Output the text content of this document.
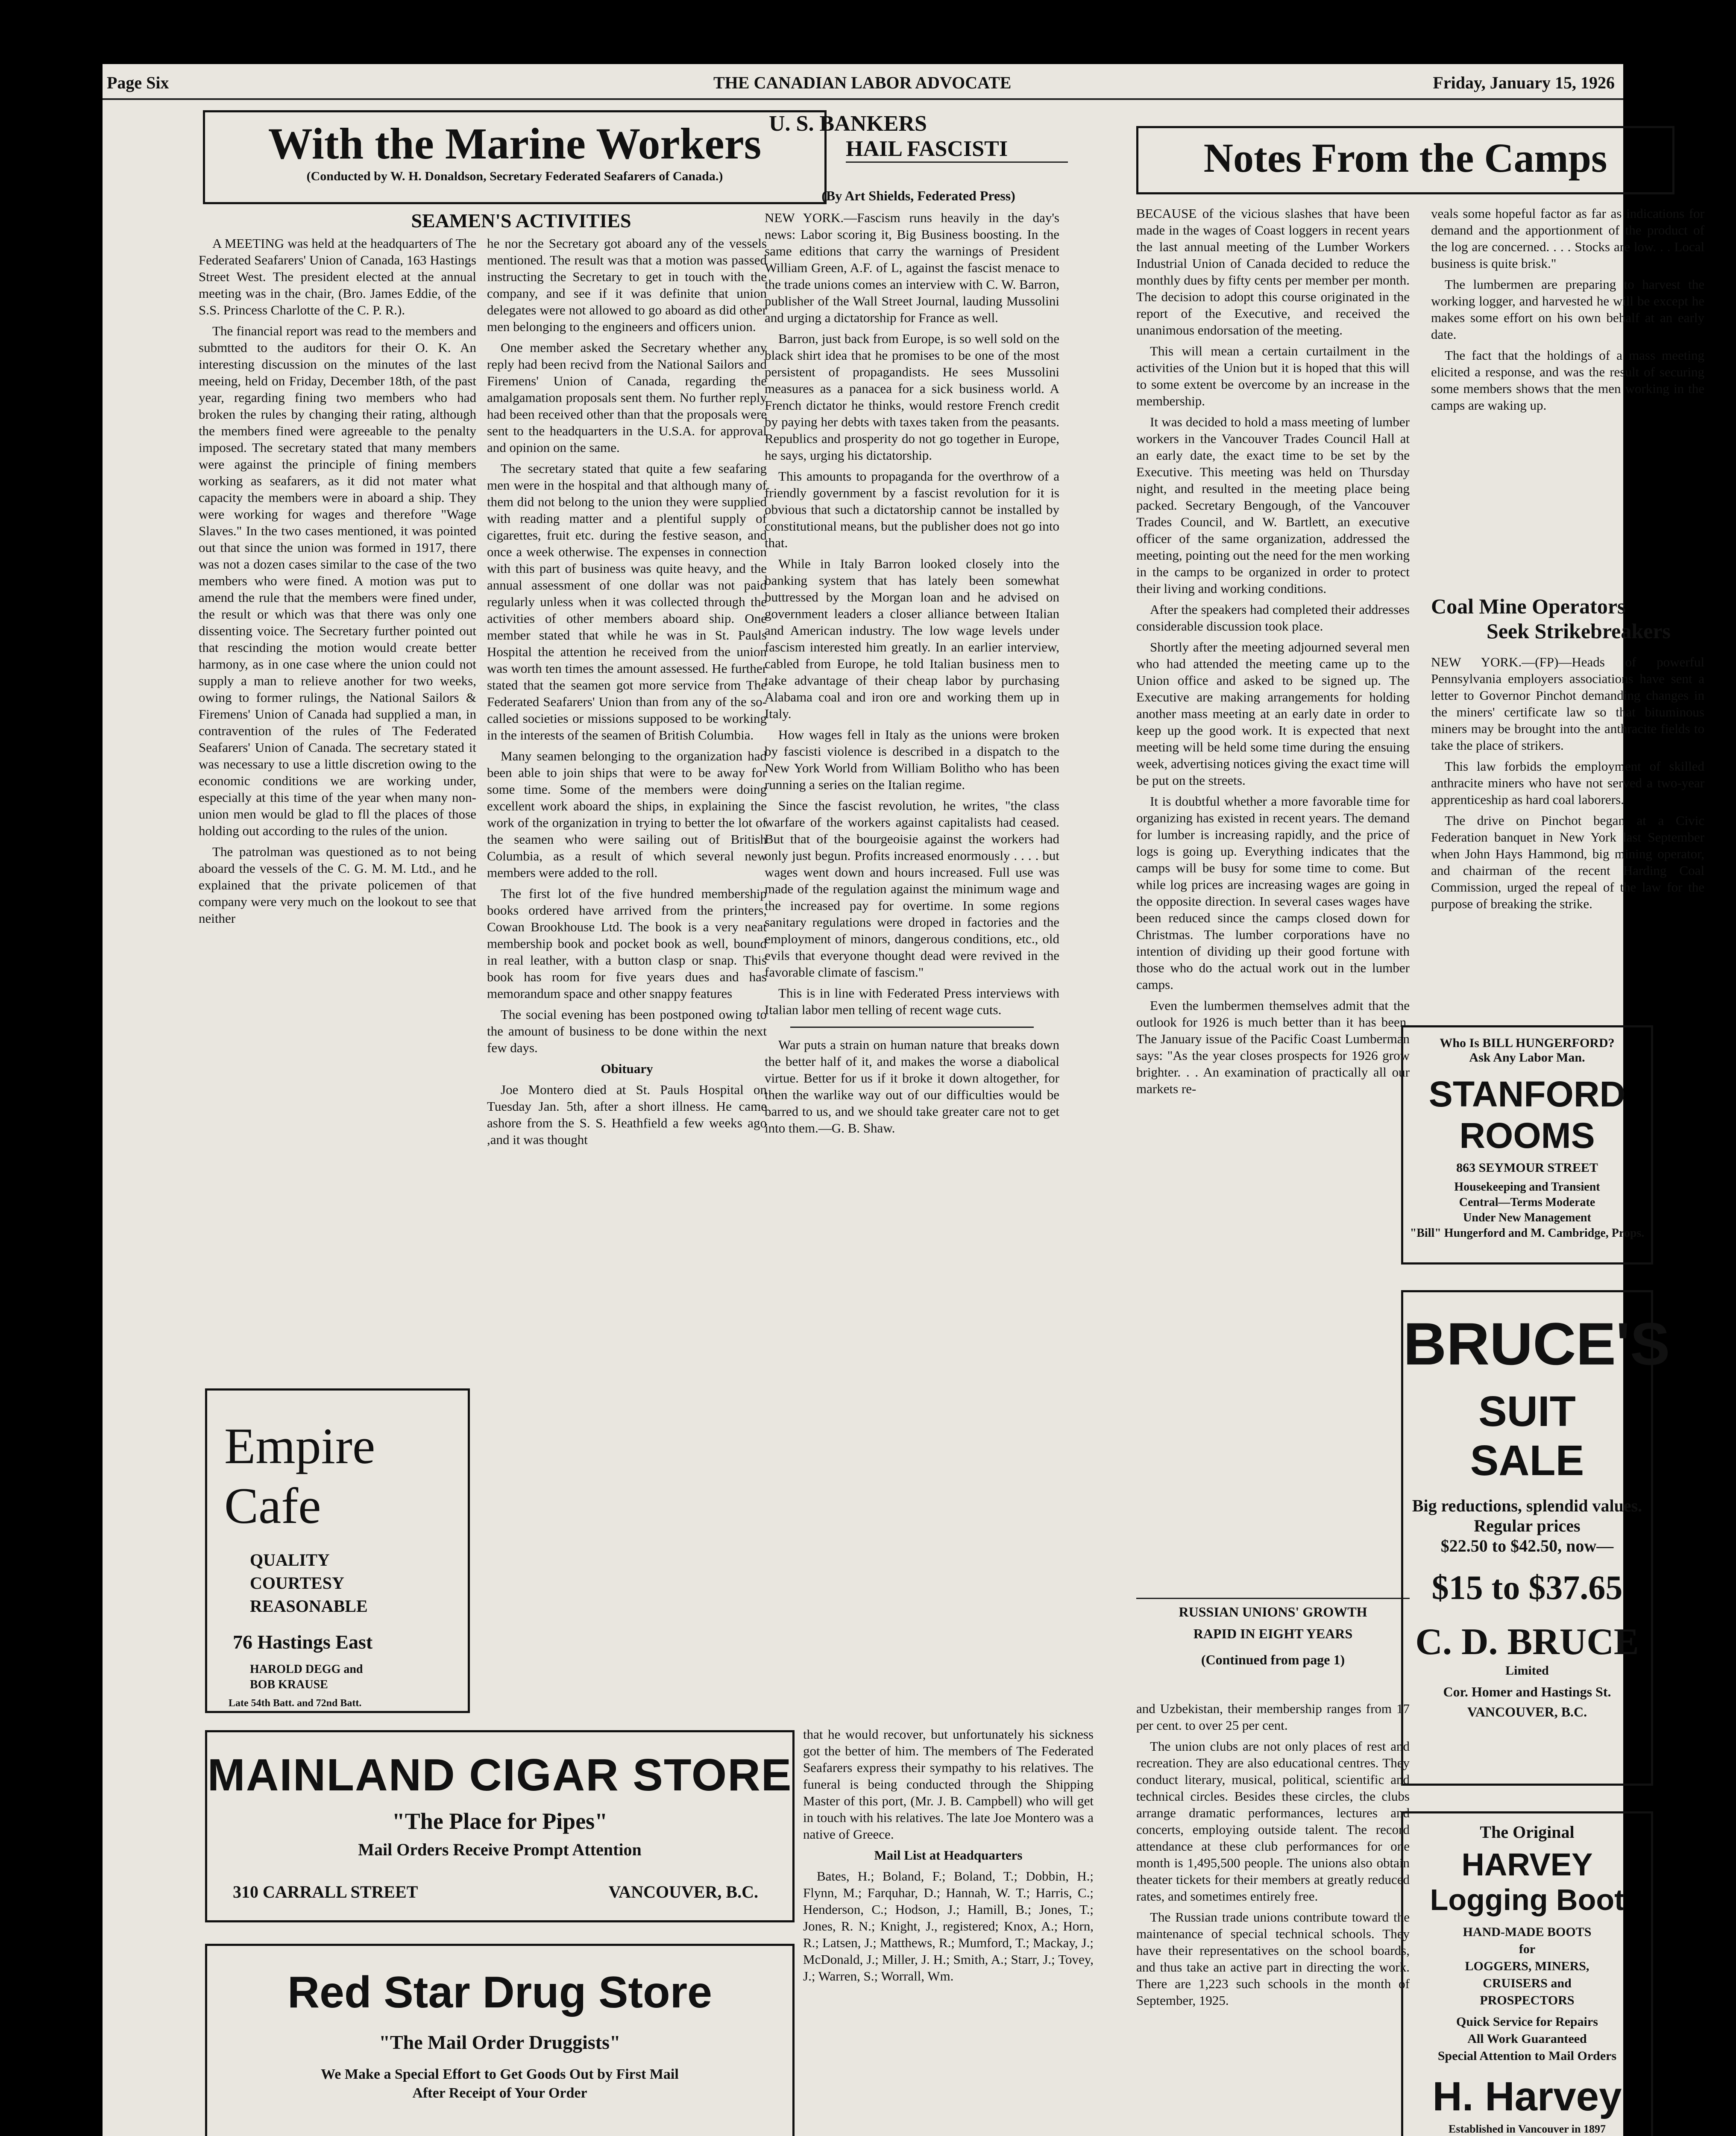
Page Six	THE CANADIAN LABOR ADVOCATE	Friday, January 15, 1926
With the Marine Workers
(Conducted by W. H. Donaldson, Secretary Federated Seafarers of Canada.)
SEAMEN'S ACTIVITIES

A MEETING was held at the headquarters of The Federated Seafarers' Union of Canada, 163 Hastings Street West. The president elected at the annual meeting was in the chair, (Bro. James Eddie, of the S.S. Princess Charlotte of the C. P. R.).

The financial report was read to the members and submtted to the auditors for their O. K. An interesting discussion on the minutes of the last meeing, held on Friday, December 18th, of the past year, regarding fining two members who had broken the rules by changing their rating, although the members fined were agreeable to the penalty imposed. The secretary stated that many members were against the principle of fining members working as seafarers, as it did not mater what capacity the members were in aboard a ship. They were working for wages and therefore "Wage Slaves." In the two cases mentioned, it was pointed out that since the union was formed in 1917, there was not a dozen cases similar to the case of the two members who were fined. A motion was put to amend the rule that the members were fined under, the result or which was that there was only one dissenting voice. The Secretary further pointed out that rescinding the motion would create better harmony, as in one case where the union could not supply a man to relieve another for two weeks, owing to former rulings, the National Sailors & Firemens' Union of Canada had supplied a man, in contravention of the rules of The Federated Seafarers' Union of Canada. The secretary stated it was necessary to use a little discretion owing to the economic conditions we are working under, especially at this time of the year when many non-union men would be glad to fll the places of those holding out according to the rules of the union.

The patrolman was questioned as to not being aboard the vessels of the C. G. M. M. Ltd., and he explained that the private policemen of that company were very much on the lookout to see that neither

he nor the Secretary got aboard any of the vessels mentioned. The result was that a motion was passed instructing the Secretary to get in touch with the company, and see if it was definite that union delegates were not allowed to go aboard as did other men belonging to the engineers and officers union.

One member asked the Secretary whether any reply had been recivd from the National Sailors and Firemens' Union of Canada, regarding the amalgamation proposals sent them. No further reply had been received other than that the proposals were sent to the headquarters in the U.S.A. for approval and opinion on the same.

The secretary stated that quite a few seafaring men were in the hospital and that although many of them did not belong to the union they were supplied with reading matter and a plentiful supply of cigarettes, fruit etc. during the festive season, and once a week otherwise. The expenses in connection with this part of business was quite heavy, and the annual assessment of one dollar was not paid regularly unless when it was collected through the activities of other members aboard ship. One member stated that while he was in St. Pauls Hospital the attention he received from the union was worth ten times the amount assessed. He further stated that the seamen got more service from The Federated Seafarers' Union than from any of the so-called societies or missions supposed to be working in the interests of the seamen of British Columbia.

Many seamen belonging to the organization had been able to join ships that were to be away for some time. Some of the members were doing excellent work aboard the ships, in explaining the work of the organization in trying to better the lot of the seamen who were sailing out of British Columbia, as a result of which several new members were added to the roll.

The first lot of the five hundred membership books ordered have arrived from the printers, Cowan Brookhouse Ltd. The book is a very neat membership book and pocket book as well, bound in real leather, with a button clasp or snap. This book has room for five years dues and has memorandum space and other snappy features

The social evening has been postponed owing to the amount of business to be done within the next few days.

Obituary

Joe Montero died at St. Pauls Hospital on Tuesday Jan. 5th, after a short illness. He came ashore from the S. S. Heathfield a few weeks ago ,and it was thought

Empire
Cafe
QUALITY
COURTESY
REASONABLE
76 Hastings East
HAROLD DEGG and
BOB KRAUSE
Late 54th Batt. and 72nd Batt.
MAINLAND CIGAR STORE
"The Place for Pipes"
Mail Orders Receive Prompt Attention
310 CARRALL STREET	VANCOUVER, B.C.
Red Star Drug Store
"The Mail Order Druggists"
We Make a Special Effort to Get Goods Out by First Mail
After Receipt of Your Order
U. S. BANKERS
HAIL FASCISTI
(By Art Shields, Federated Press)

NEW YORK.—Fascism runs heavily in the day's news: Labor scoring it, Big Business boosting. In the same editions that carry the warnings of President William Green, A.F. of L, against the fascist menace to the trade unions comes an interview with C. W. Barron, publisher of the Wall Street Journal, lauding Mussolini and urging a dictatorship for France as well.

Barron, just back from Europe, is so well sold on the black shirt idea that he promises to be one of the most persistent of propagandists. He sees Mussolini measures as a panacea for a sick business world. A French dictator he thinks, would restore French credit by paying her debts with taxes taken from the peasants. Republics and prosperity do not go together in Europe, he says, urging his dictatorship.

This amounts to propaganda for the overthrow of a friendly government by a fascist revolution for it is obvious that such a dictatorship cannot be installed by constitutional means, but the publisher does not go into that.

While in Italy Barron looked closely into the banking system that has lately been somewhat buttressed by the Morgan loan and he advised on government leaders a closer alliance between Italian and American industry. The low wage levels under fascism interested him greatly. In an earlier interview, cabled from Europe, he told Italian business men to take advantage of their cheap labor by purchasing Alabama coal and iron ore and working them up in Italy.

How wages fell in Italy as the unions were broken by fascisti violence is described in a dispatch to the New York World from William Bolitho who has been running a series on the Italian regime.

Since the fascist revolution, he writes, "the class warfare of the workers against capitalists had ceased. But that of the bourgeoisie against the workers had only just begun. Profits increased enormously . . . . but wages went down and hours increased. Full use was made of the regulation against the minimum wage and the increased pay for overtime. In some regions sanitary regulations were droped in factories and the employment of minors, dangerous conditions, etc., old evils that everyone thought dead were revived in the favorable climate of fascism."

This is in line with Federated Press interviews with Italian labor men telling of recent wage cuts.

War puts a strain on human nature that breaks down the better half of it, and makes the worse a diabolical virtue. Better for us if it broke it down altogether, for then the warlike way out of our difficulties would be barred to us, and we should take greater care not to get into them.—G. B. Shaw.

that he would recover, but unfortunately his sickness got the better of him. The members of The Federated Seafarers express their sympathy to his relatives. The funeral is being conducted through the Shipping Master of this port, (Mr. J. B. Campbell) who will get in touch with his relatives. The late Joe Montero was a native of Greece.

Mail List at Headquarters

Bates, H.; Boland, F.; Boland, T.; Dobbin, H.; Flynn, M.; Farquhar, D.; Hannah, W. T.; Harris, C.; Henderson, C.; Hodson, J.; Hamill, B.; Jones, T.; Jones, R. N.; Knight, J., registered; Knox, A.; Horn, R.; Latsen, J.; Matthews, R.; Mumford, T.; Mackay, J.; McDonald, J.; Miller, J. H.; Smith, A.; Starr, J.; Tovey, J.; Warren, S.; Worrall, Wm.

Notes From the Camps

BECAUSE of the vicious slashes that have been made in the wages of Coast loggers in recent years the last annual meeting of the Lumber Workers Industrial Union of Canada decided to reduce the monthly dues by fifty cents per member per month. The decision to adopt this course originated in the report of the Executive, and received the unanimous endorsation of the meeting.

This will mean a certain curtailment in the activities of the Union but it is hoped that this will to some extent be overcome by an increase in the membership.

It was decided to hold a mass meeting of lumber workers in the Vancouver Trades Council Hall at an early date, the exact time to be set by the Executive. This meeting was held on Thursday night, and resulted in the meeting place being packed. Secretary Bengough, of the Vancouver Trades Council, and W. Bartlett, an executive officer of the same organization, addressed the meeting, pointing out the need for the men working in the camps to be organized in order to protect their living and working conditions.

After the speakers had completed their addresses considerable discussion took place.

Shortly after the meeting adjourned several men who had attended the meeting came up to the Union office and asked to be signed up. The Executive are making arrangements for holding another mass meeting at an early date in order to keep up the good work. It is expected that next meeting will be held some time during the ensuing week, advertising notices giving the exact time will be put on the streets.

It is doubtful whether a more favorable time for organizing has existed in recent years. The demand for lumber is increasing rapidly, and the price of logs is going up. Everything indicates that the camps will be busy for some time to come. But while log prices are increasing wages are going in the opposite direction. In several cases wages have been reduced since the camps closed down for Christmas. The lumber corporations have no intention of dividing up their good fortune with those who do the actual work out in the lumber camps.

Even the lumbermen themselves admit that the outlook for 1926 is much better than it has been. The January issue of the Pacific Coast Lumberman says: "As the year closes prospects for 1926 grow brighter. . . An examination of practically all our markets re-

veals some hopeful factor as far as indications for demand and the apportionment of the product of the log are concerned. . . . Stocks are low. . . Local business is quite brisk."

The lumbermen are preparing to harvest the working logger, and harvested he will be except he makes some effort on his own behalf at an early date.

The fact that the holdings of a mass meeting elicited a response, and was the result of securing some members shows that the men working in the camps are waking up.

Coal Mine Operators
Seek Strikebreakers

NEW YORK.—(FP)—Heads of powerful Pennsylvania employers associations have sent a letter to Governor Pinchot demanding changes in the miners' certificate law so that bituminous miners may be brought into the anthracite fields to take the place of strikers.

This law forbids the employment of skilled anthracite miners who have not served a two-year apprenticeship as hard coal laborers.

The drive on Pinchot began at a Civic Federation banquet in New York last September when John Hays Hammond, big mining operator, and chairman of the recent Harding Coal Commission, urged the repeal of the law for the purpose of breaking the strike.

RUSSIAN UNIONS' GROWTH
RAPID IN EIGHT YEARS
(Continued from page 1)

and Uzbekistan, their membership ranges from 17 per cent. to over 25 per cent.

The union clubs are not only places of rest and recreation. They are also educational centres. They conduct literary, musical, political, scientific and technical circles. Besides these circles, the clubs arrange dramatic performances, lectures and concerts, employing outside talent. The record attendance at these club performances for one month is 1,495,500 people. The unions also obtain theater tickets for their members at greatly reduced rates, and sometimes entirely free.

The Russian trade unions contribute toward the maintenance of special technical schools. They have their representatives on the school boards, and thus take an active part in directing the work. There are 1,223 such schools in the month of September, 1925.

Who Is BILL HUNGERFORD?
Ask Any Labor Man.
STANFORD
ROOMS
863 SEYMOUR STREET
Housekeeping and Transient
Central—Terms Moderate
Under New Management
"Bill" Hungerford and M. Cambridge, Props.
BRUCE'S
SUIT
SALE
Big reductions, splendid values. Regular prices
$22.50 to $42.50, now—
$15 to $37.65
C. D. BRUCE
Limited
Cor. Homer and Hastings St.
VANCOUVER, B.C.
The Original
HARVEY
Logging Boot
HAND-MADE BOOTS
for
LOGGERS, MINERS,
CRUISERS and
PROSPECTORS
Quick Service for Repairs
All Work Guaranteed
Special Attention to Mail Orders
H. Harvey
Established in Vancouver in 1897
